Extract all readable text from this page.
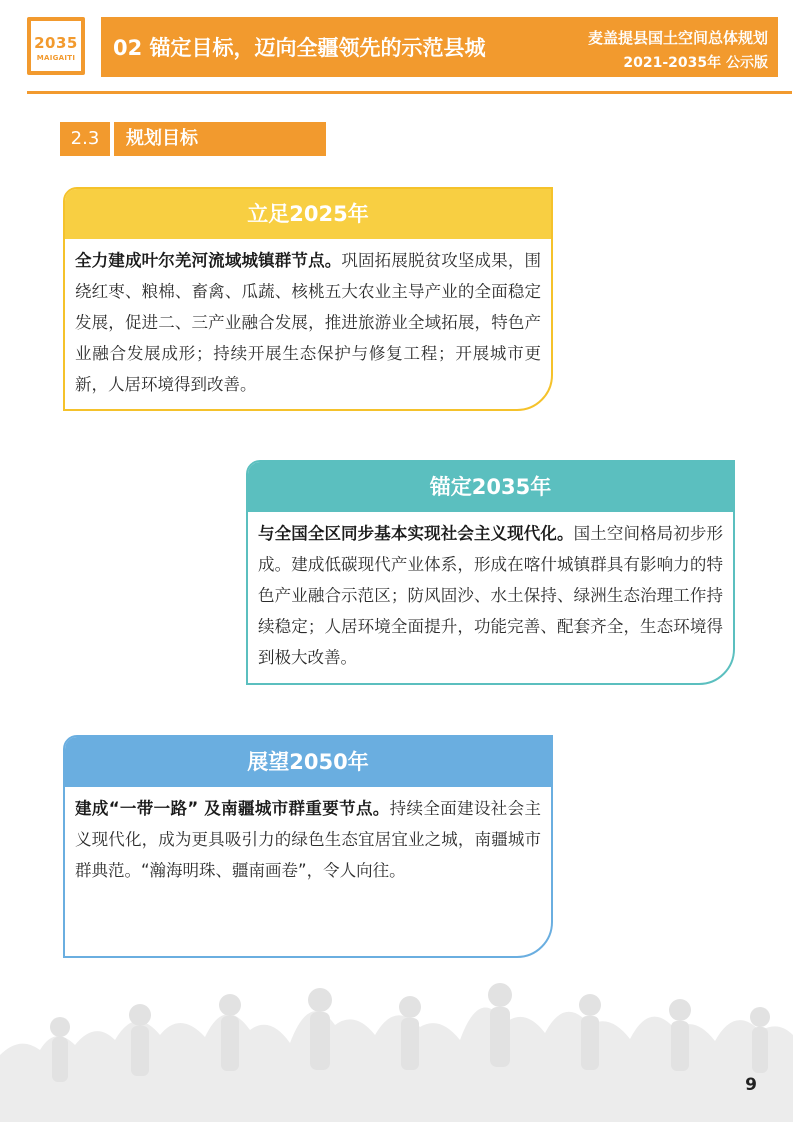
2035
MAIGAITI 02 锚定目标，迈向全疆领先的示范县城	麦盖提县国土空间总体规划
2021-2035年 公示版
2.3	规划目标
立足2025年
全力建成叶尔羌河流域城镇群节点。巩固拓展脱贫攻坚成果，围绕红枣、粮棉、畜禽、瓜蔬、核桃五大农业主导产业的全面稳定发展，促进二、三产业融合发展，推进旅游业全域拓展，特色产业融合发展成形；持续开展生态保护与修复工程；开展城市更新，人居环境得到改善。
锚定2035年
与全国全区同步基本实现社会主义现代化。国土空间格局初步形成。建成低碳现代产业体系，形成在喀什城镇群具有影响力的特色产业融合示范区；防风固沙、水土保持、绿洲生态治理工作持续稳定；人居环境全面提升，功能完善、配套齐全，生态环境得到极大改善。
展望2050年
建成“一带一路” 及南疆城市群重要节点。持续全面建设社会主义现代化，成为更具吸引力的绿色生态宜居宜业之城，南疆城市群典范。“瀚海明珠、疆南画卷”，令人向往。
9
